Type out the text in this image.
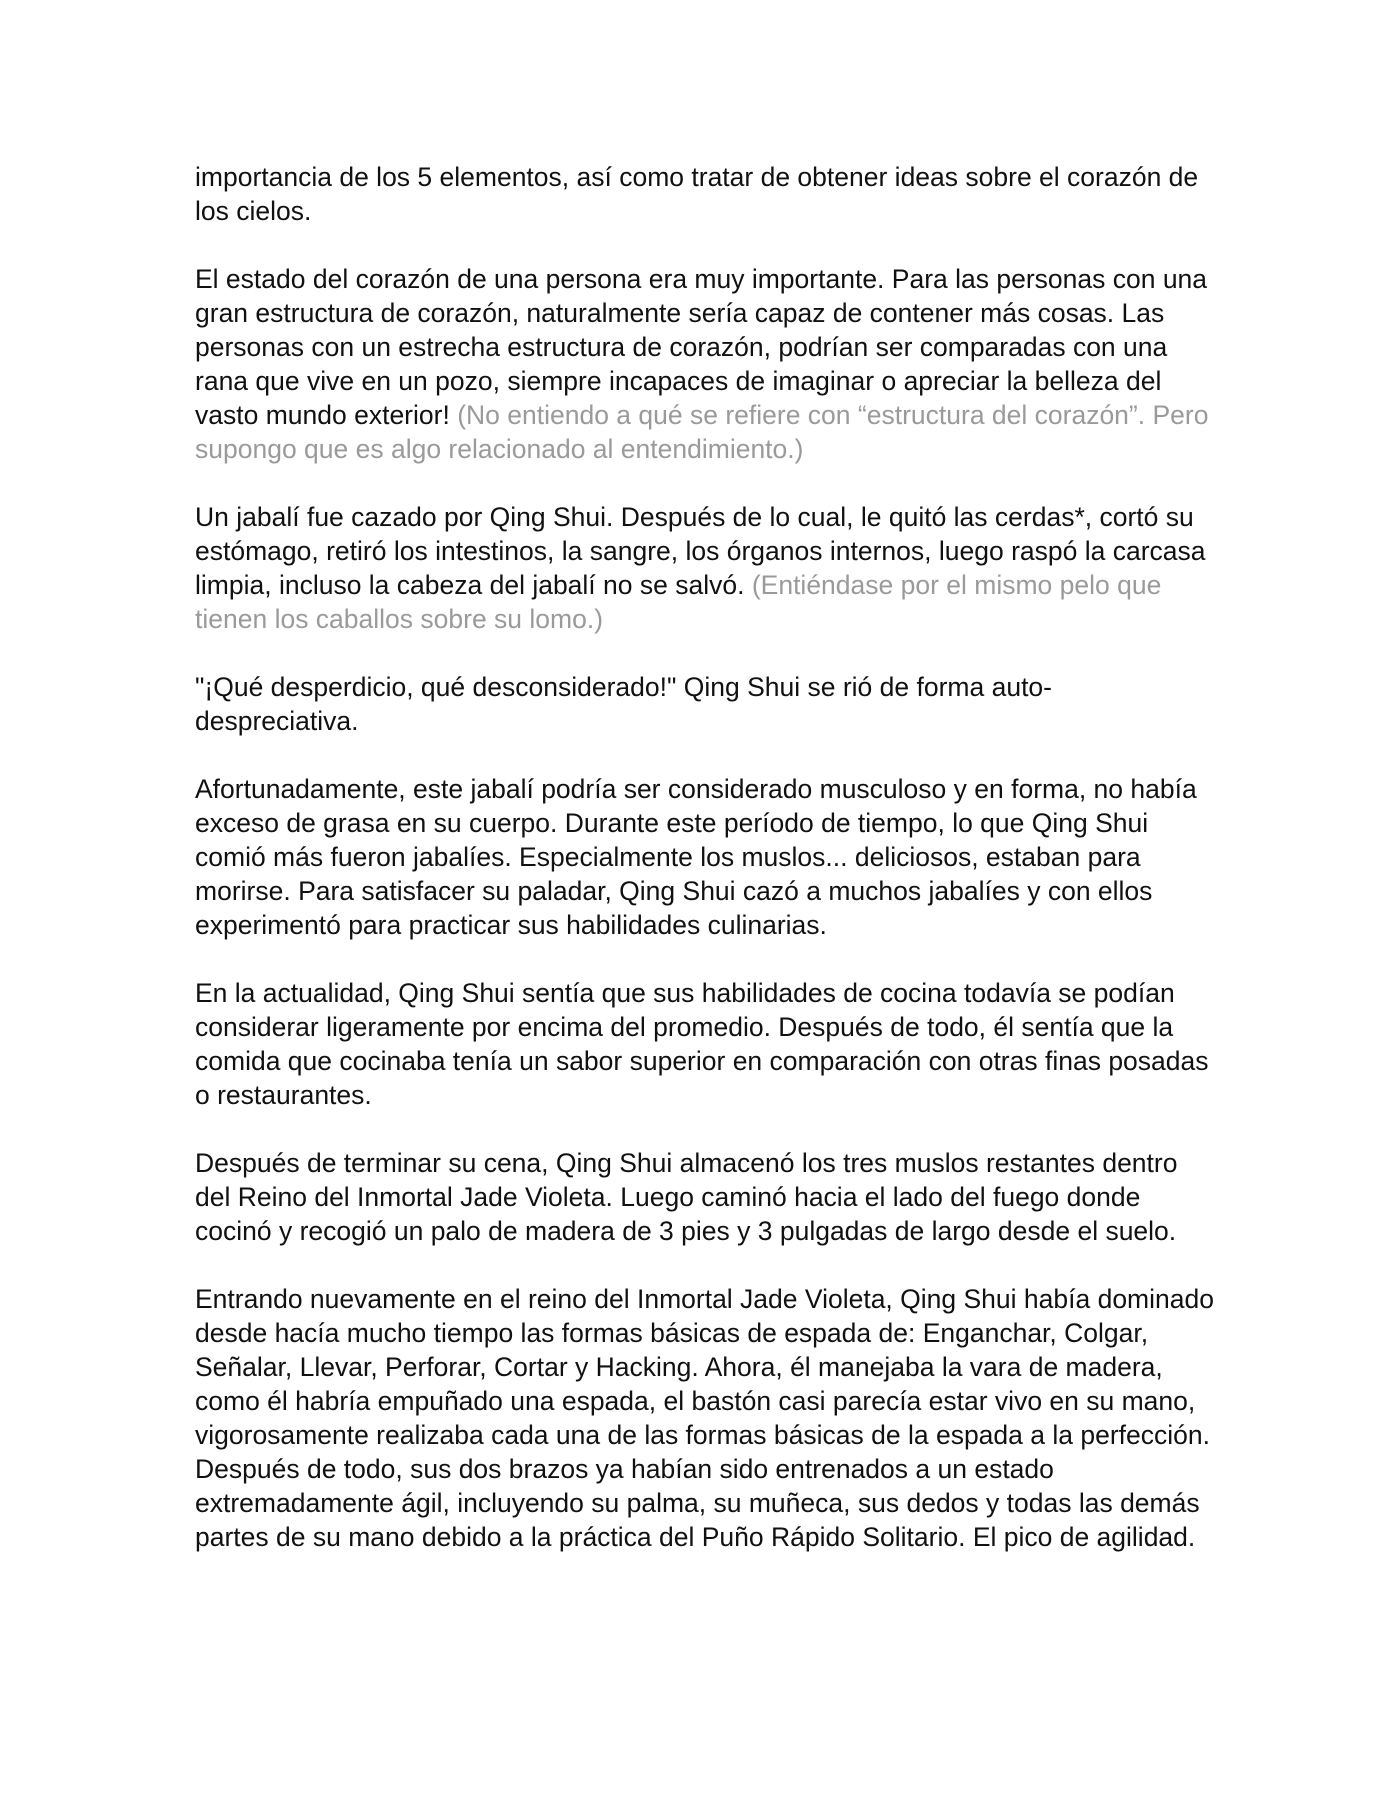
importancia de los 5 elementos, así como tratar de obtener ideas sobre el corazón de los cielos.

El estado del corazón de una persona era muy importante. Para las personas con una gran estructura de corazón, naturalmente sería capaz de contener más cosas. Las personas con un estrecha estructura de corazón, podrían ser comparadas con una rana que vive en un pozo, siempre incapaces de imaginar o apreciar la belleza del vasto mundo exterior! (No entiendo a qué se refiere con “estructura del corazón”. Pero supongo que es algo relacionado al entendimiento.)

Un jabalí fue cazado por Qing Shui. Después de lo cual, le quitó las cerdas*, cortó su estómago, retiró los intestinos, la sangre, los órganos internos, luego raspó la carcasa limpia, incluso la cabeza del jabalí no se salvó. (Entiéndase por el mismo pelo que tienen los caballos sobre su lomo.)

"¡Qué desperdicio, qué desconsiderado!" Qing Shui se rió de forma auto-despreciativa.

Afortunadamente, este jabalí podría ser considerado musculoso y en forma, no había exceso de grasa en su cuerpo. Durante este período de tiempo, lo que Qing Shui comió más fueron jabalíes. Especialmente los muslos... deliciosos, estaban para morirse. Para satisfacer su paladar, Qing Shui cazó a muchos jabalíes y con ellos experimentó para practicar sus habilidades culinarias.

En la actualidad, Qing Shui sentía que sus habilidades de cocina todavía se podían considerar ligeramente por encima del promedio. Después de todo, él sentía que la comida que cocinaba tenía un sabor superior en comparación con otras finas posadas o restaurantes.

Después de terminar su cena, Qing Shui almacenó los tres muslos restantes dentro del Reino del Inmortal Jade Violeta. Luego caminó hacia el lado del fuego donde cocinó y recogió un palo de madera de 3 pies y 3 pulgadas de largo desde el suelo.

Entrando nuevamente en el reino del Inmortal Jade Violeta, Qing Shui había dominado desde hacía mucho tiempo las formas básicas de espada de: Enganchar, Colgar, Señalar, Llevar, Perforar, Cortar y Hacking. Ahora, él manejaba la vara de madera, como él habría empuñado una espada, el bastón casi parecía estar vivo en su mano, vigorosamente realizaba cada una de las formas básicas de la espada a la perfección. Después de todo, sus dos brazos ya habían sido entrenados a un estado extremadamente ágil, incluyendo su palma, su muñeca, sus dedos y todas las demás partes de su mano debido a la práctica del Puño Rápido Solitario. El pico de agilidad.
